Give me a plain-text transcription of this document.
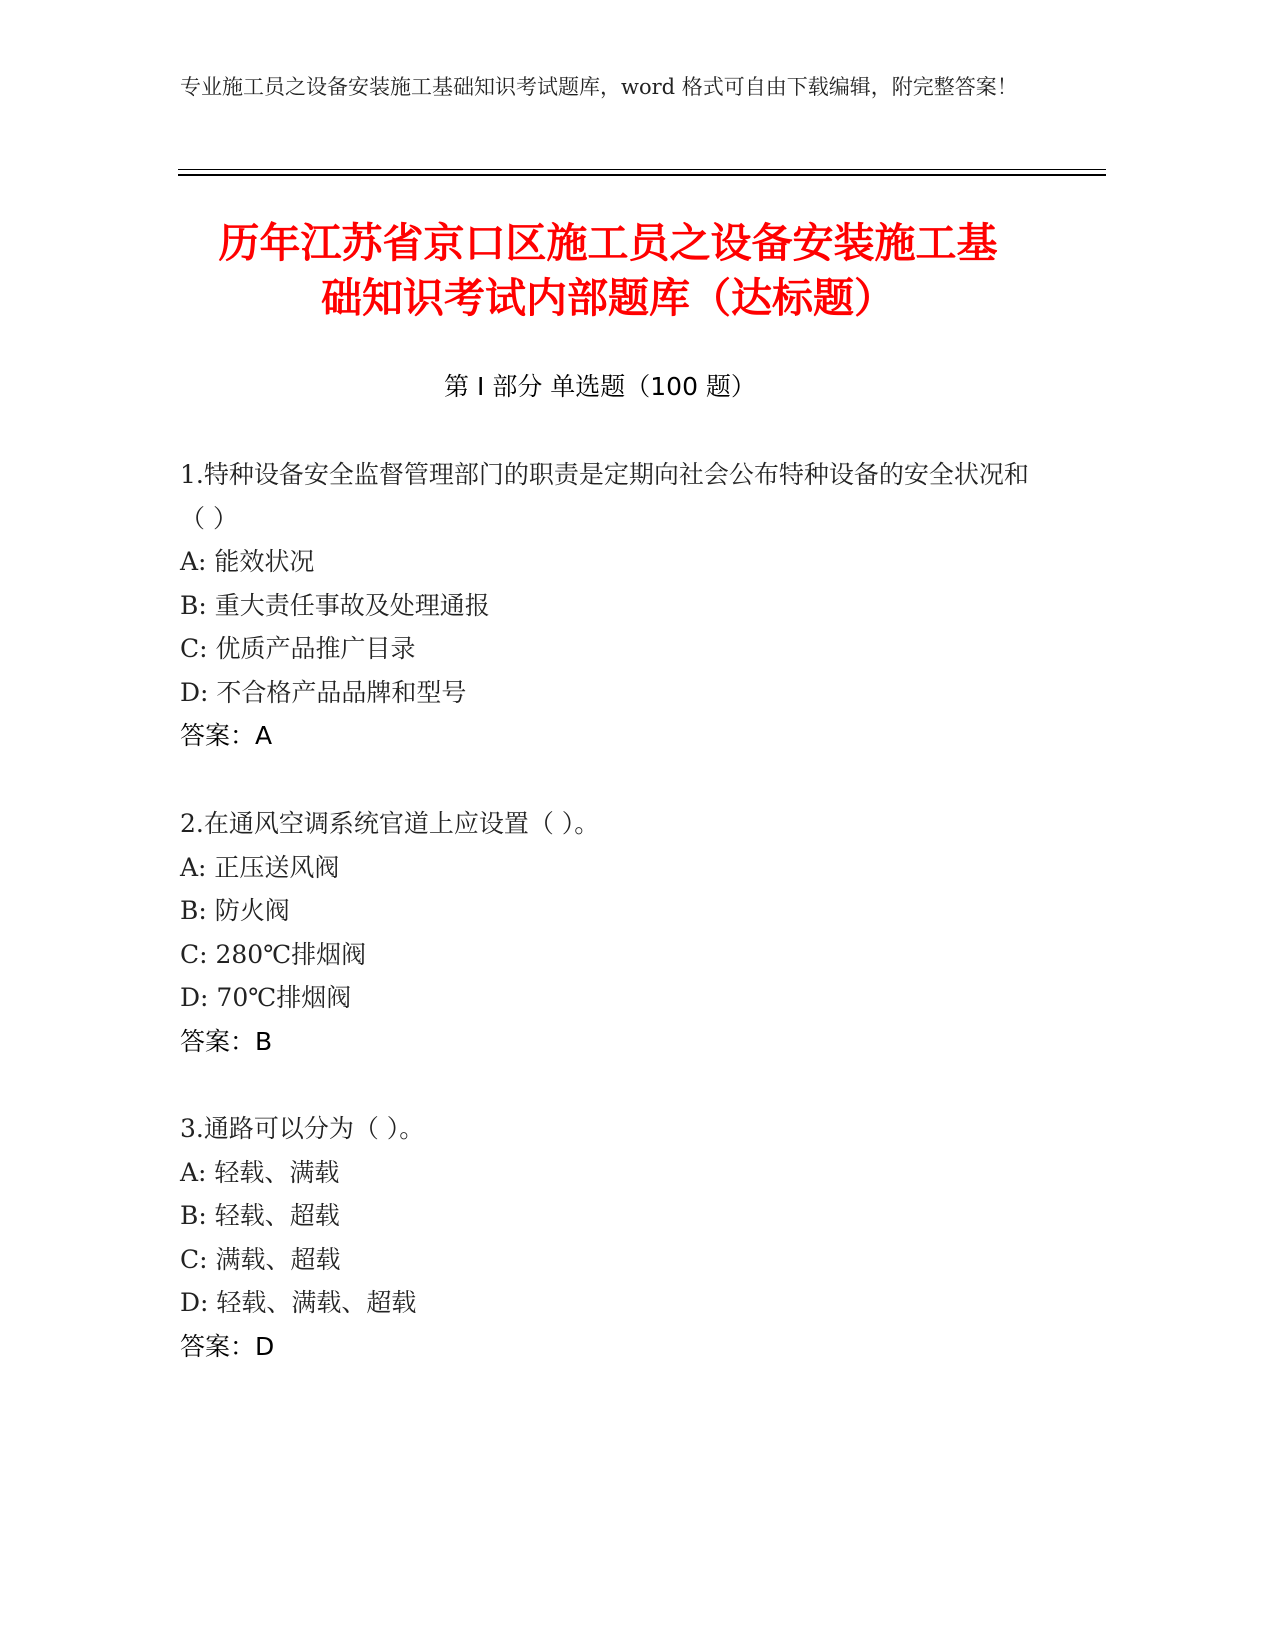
专业施工员之设备安装施工基础知识考试题库，word 格式可自由下载编辑，附完整答案！
历年江苏省京口区施工员之设备安装施工基
础知识考试内部题库（达标题）
第 I 部分 单选题（100 题）
1.特种设备安全监督管理部门的职责是定期向社会公布特种设备的安全状况和（ ）
A: 能效状况
B: 重大责任事故及处理通报
C: 优质产品推广目录
D: 不合格产品品牌和型号
答案：A
2.在通风空调系统官道上应设置（ ）。
A: 正压送风阀
B: 防火阀
C: 280℃排烟阀
D: 70℃排烟阀
答案：B
3.通路可以分为（ ）。
A: 轻载、满载
B: 轻载、超载
C: 满载、超载
D: 轻载、满载、超载
答案：D
